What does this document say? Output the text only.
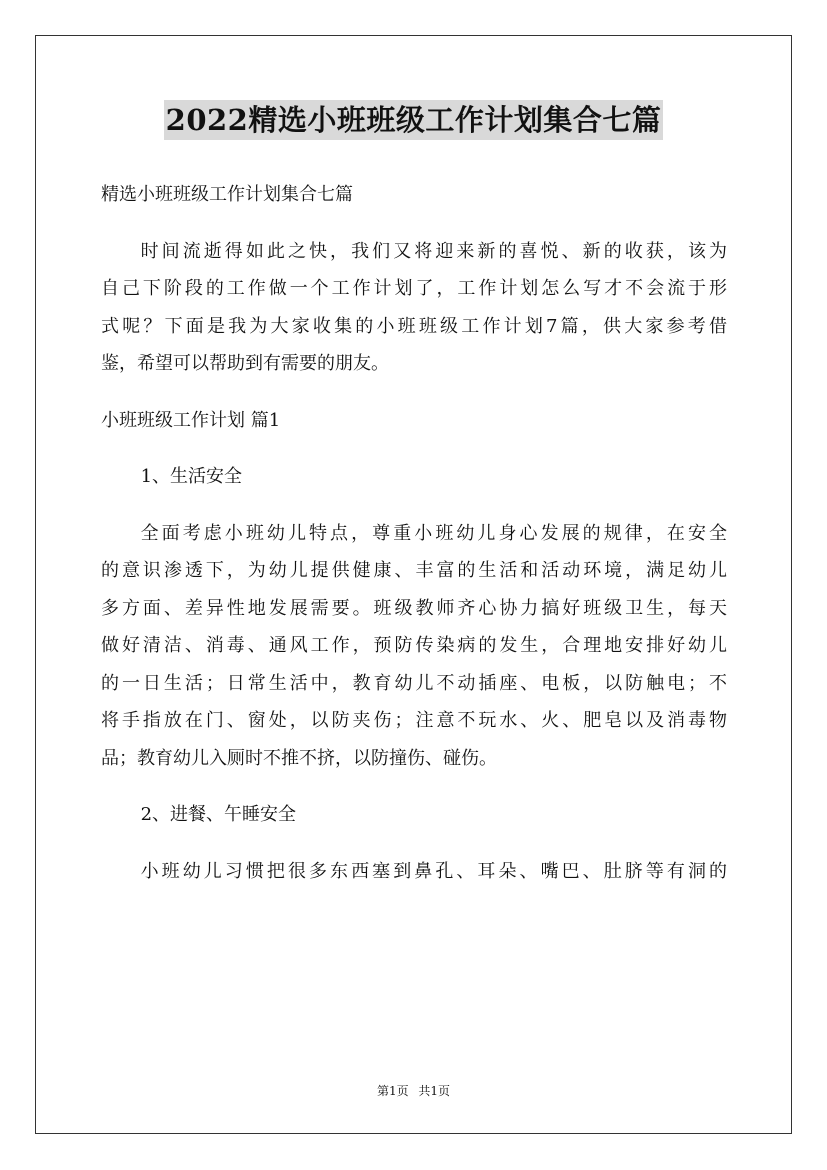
2022精选小班班级工作计划集合七篇
精选小班班级工作计划集合七篇
时间流逝得如此之快，我们又将迎来新的喜悦、新的收获，该为
自己下阶段的工作做一个工作计划了，工作计划怎么写才不会流于形
式呢？下面是我为大家收集的小班班级工作计划7篇，供大家参考借
鉴，希望可以帮助到有需要的朋友。
小班班级工作计划 篇1
1、生活安全
全面考虑小班幼儿特点，尊重小班幼儿身心发展的规律，在安全
的意识渗透下，为幼儿提供健康、丰富的生活和活动环境，满足幼儿
多方面、差异性地发展需要。班级教师齐心协力搞好班级卫生，每天
做好清洁、消毒、通风工作，预防传染病的发生，合理地安排好幼儿
的一日生活；日常生活中，教育幼儿不动插座、电板，以防触电；不
将手指放在门、窗处，以防夹伤；注意不玩水、火、肥皂以及消毒物
品；教育幼儿入厕时不推不挤，以防撞伤、碰伤。
2、进餐、午睡安全
小班幼儿习惯把很多东西塞到鼻孔、耳朵、嘴巴、肚脐等有洞的
第1页 共1页
